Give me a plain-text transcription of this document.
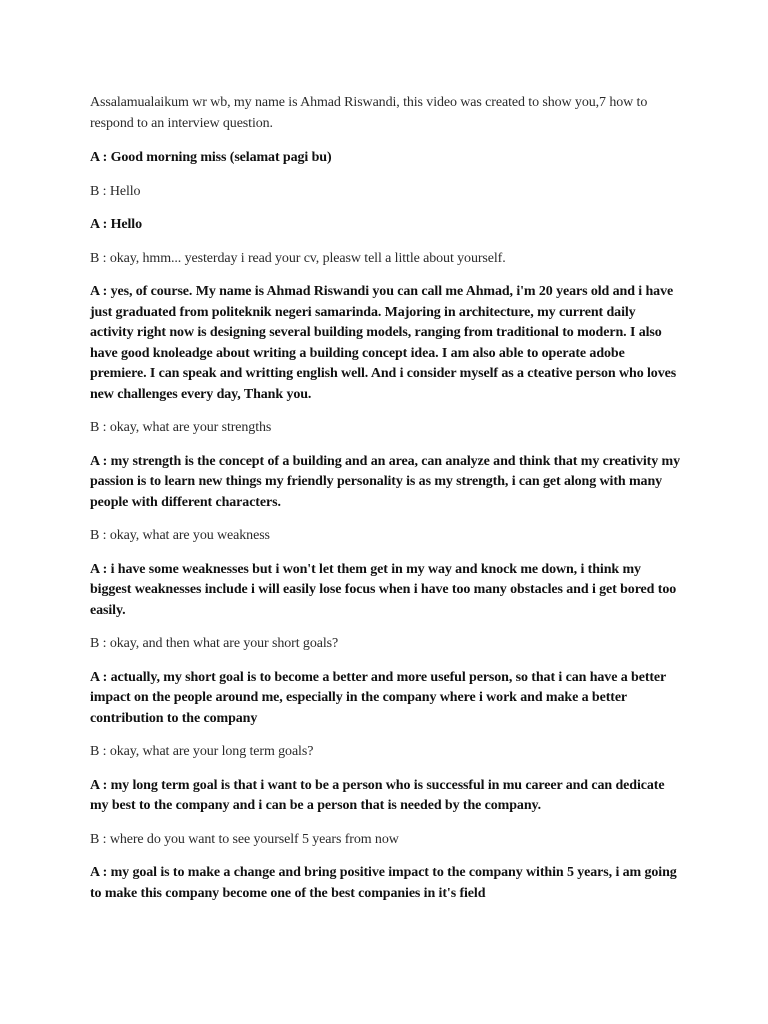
Assalamualaikum wr wb, my name is Ahmad Riswandi, this video was created to show you,7 how to respond to an interview question.

A : Good morning miss (selamat pagi bu)

B : Hello

A : Hello

B : okay, hmm... yesterday i read your cv, pleasw tell a little about yourself.

A : yes, of course. My name is Ahmad Riswandi you can call me Ahmad, i'm 20 years old and i have just graduated from politeknik negeri samarinda. Majoring in architecture, my current daily activity right now is designing several building models, ranging from traditional to modern. I also have good knoleadge about writing a building concept idea. I am also able to operate adobe premiere. I can speak and writting english well. And i consider myself as a cteative person who loves new challenges every day, Thank you.

B : okay, what are your strengths

A : my strength is the concept of a building and an area, can analyze and think that my creativity my passion is to learn new things my friendly personality is as my strength, i can get along with many people with different characters.

B : okay, what are you weakness

A : i have some weaknesses but i won't let them get in my way and knock me down, i think my biggest weaknesses include i will easily lose focus when i have too many obstacles and i get bored too easily.

B : okay, and then what are your short goals?

A : actually, my short goal is to become a better and more useful person, so that i can have a better impact on the people around me, especially in the company where i work and make a better contribution to the company

B : okay, what are your long term goals?

A : my long term goal is that i want to be a person who is successful in mu career and can dedicate my best to the company and i can be a person that is needed by the company.

B : where do you want to see yourself 5 years from now

A : my goal is to make a change and bring positive impact to the company within 5 years, i am going to make this company become one of the best companies in it's field
